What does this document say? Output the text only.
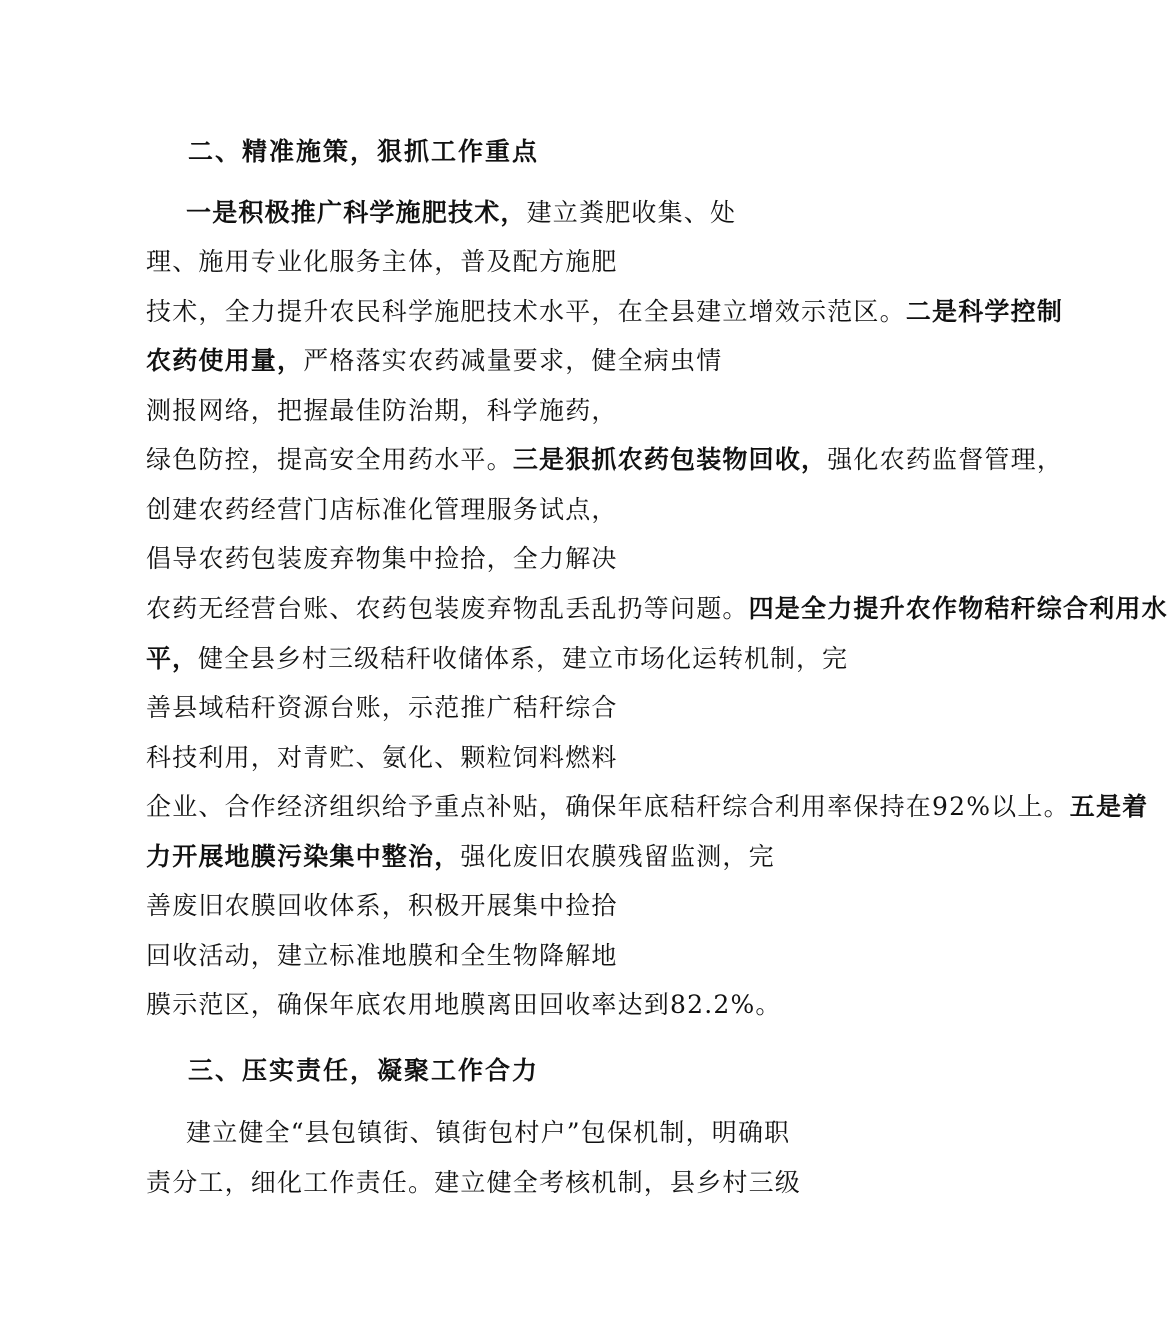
二、精准施策，狠抓工作重点
一是积极推广科学施肥技术，建立粪肥收集、处
理、施用专业化服务主体，普及配方施肥
技术，全力提升农民科学施肥技术水平，在全县建立增效示范区。二是科学控制
农药使用量，严格落实农药减量要求，健全病虫情
测报网络，把握最佳防治期，科学施药，
绿色防控，提高安全用药水平。三是狠抓农药包装物回收，强化农药监督管理，
创建农药经营门店标准化管理服务试点，
倡导农药包装废弃物集中捡拾，全力解决
农药无经营台账、农药包装废弃物乱丢乱扔等问题。四是全力提升农作物秸秆综合利用水
平，健全县乡村三级秸秆收储体系，建立市场化运转机制，完
善县域秸秆资源台账，示范推广秸秆综合
科技利用，对青贮、氨化、颗粒饲料燃料
企业、合作经济组织给予重点补贴，确保年底秸秆综合利用率保持在92%以上。五是着
力开展地膜污染集中整治，强化废旧农膜残留监测，完
善废旧农膜回收体系，积极开展集中捡拾
回收活动，建立标准地膜和全生物降解地
膜示范区，确保年底农用地膜离田回收率达到82.2%。
三、压实责任，凝聚工作合力
建立健全“县包镇街、镇街包村户”包保机制，明确职
责分工，细化工作责任。建立健全考核机制，县乡村三级
